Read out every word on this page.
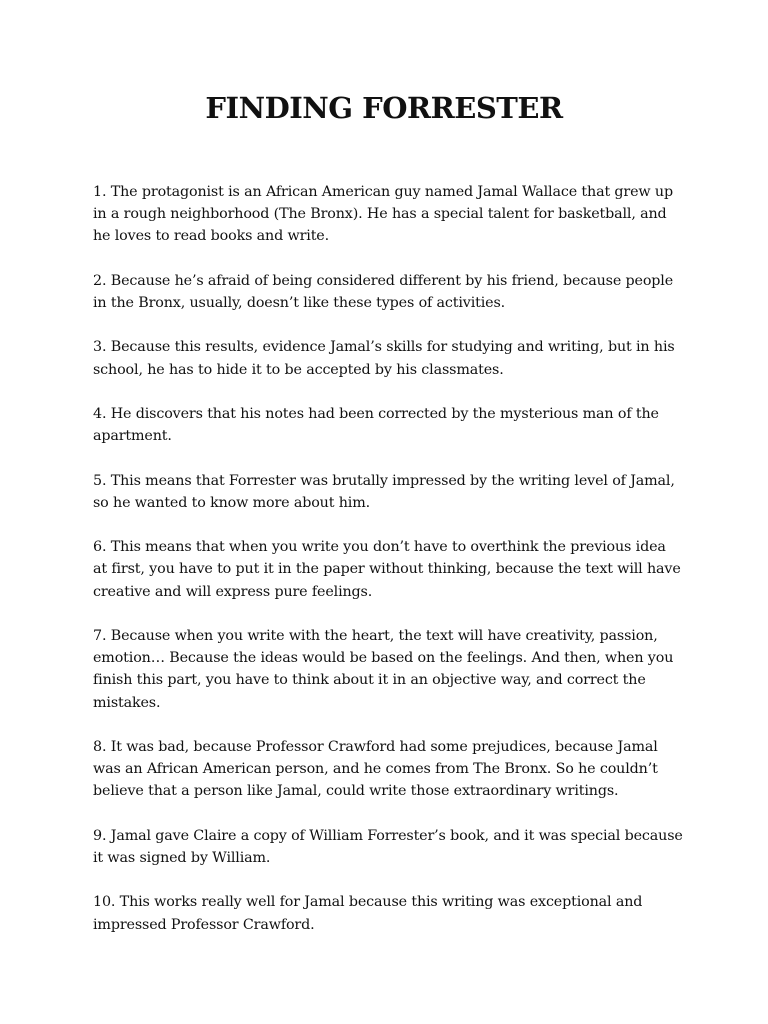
FINDING FORRESTER
1. The protagonist is an African American guy named Jamal Wallace that grew up in a rough neighborhood (The Bronx). He has a special talent for basketball, and he loves to read books and write.
2. Because he’s afraid of being considered different by his friend, because people in the Bronx, usually, doesn’t like these types of activities.
3. Because this results, evidence Jamal’s skills for studying and writing, but in his school, he has to hide it to be accepted by his classmates.
4. He discovers that his notes had been corrected by the mysterious man of the apartment.
5. This means that Forrester was brutally impressed by the writing level of Jamal, so he wanted to know more about him.
6. This means that when you write you don’t have to overthink the previous idea at first, you have to put it in the paper without thinking, because the text will have creative and will express pure feelings.
7. Because when you write with the heart, the text will have creativity, passion, emotion… Because the ideas would be based on the feelings. And then, when you finish this part, you have to think about it in an objective way, and correct the mistakes.
8. It was bad, because Professor Crawford had some prejudices, because Jamal was an African American person, and he comes from The Bronx. So he couldn’t believe that a person like Jamal, could write those extraordinary writings.
9. Jamal gave Claire a copy of William Forrester’s book, and it was special because it was signed by William.
10. This works really well for Jamal because this writing was exceptional and impressed Professor Crawford.
